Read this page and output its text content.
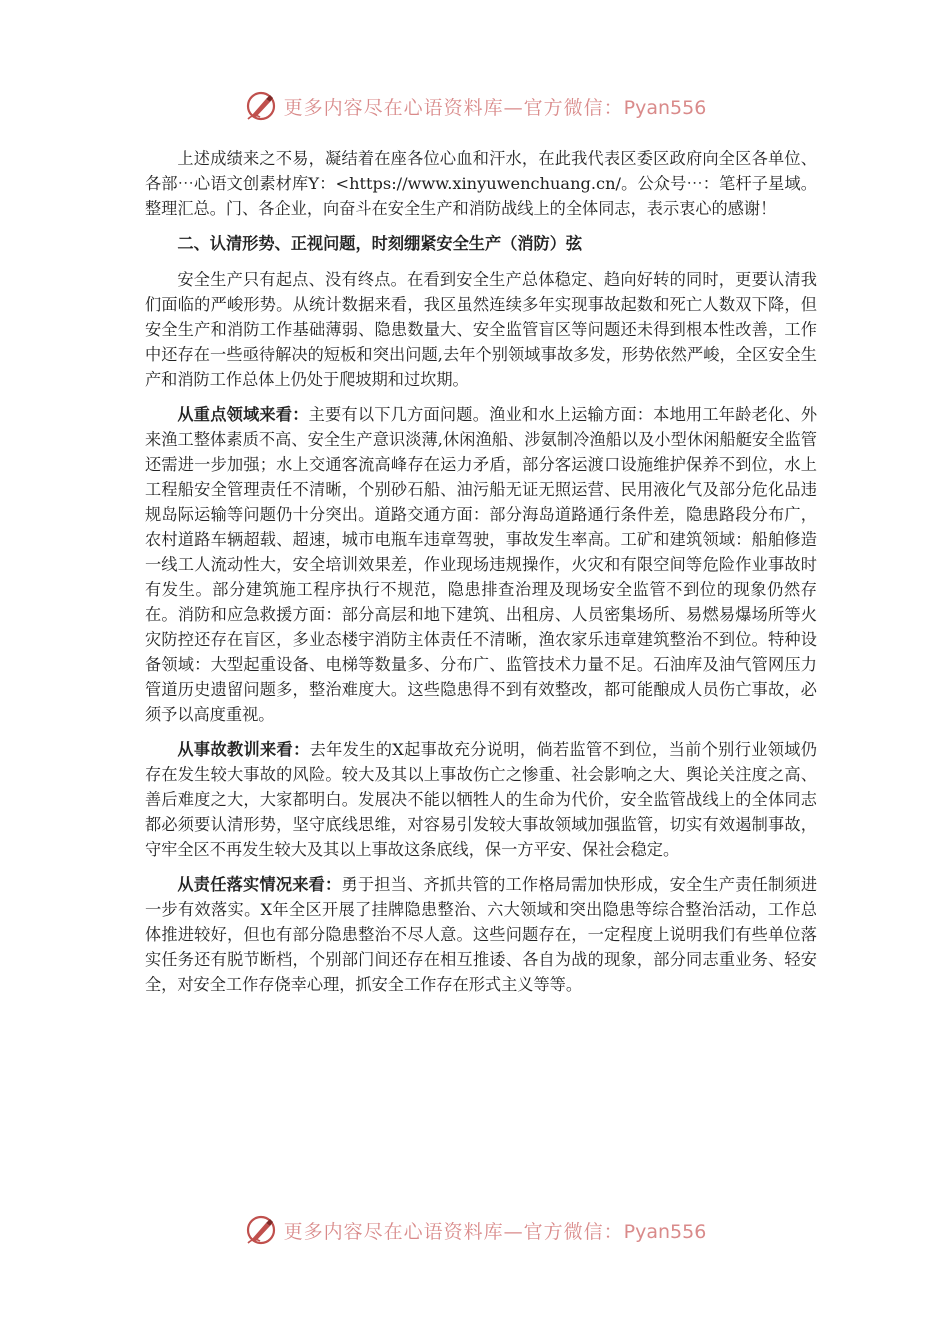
更多内容尽在心语资料库—官方微信：Pyan556

上述成绩来之不易，凝结着在座各位心血和汗水，在此我代表区委区政府向全区各单位、各部⋯心语文创素材库Y：<https://www.xinyuwenchuang.cn/。公众号⋯：笔杆子星域。整理汇总。门、各企业，向奋斗在安全生产和消防战线上的全体同志，表示衷心的感谢！

二、认清形势、正视问题，时刻绷紧安全生产（消防）弦

安全生产只有起点、没有终点。在看到安全生产总体稳定、趋向好转的同时，更要认清我们面临的严峻形势。从统计数据来看，我区虽然连续多年实现事故起数和死亡人数双下降，但安全生产和消防工作基础薄弱、隐患数量大、安全监管盲区等问题还未得到根本性改善，工作中还存在一些亟待解决的短板和突出问题,去年个别领域事故多发，形势依然严峻，全区安全生产和消防工作总体上仍处于爬坡期和过坎期。

从重点领域来看：主要有以下几方面问题。渔业和水上运输方面：本地用工年龄老化、外来渔工整体素质不高、安全生产意识淡薄,休闲渔船、涉氨制冷渔船以及小型休闲船艇安全监管还需进一步加强；水上交通客流高峰存在运力矛盾，部分客运渡口设施维护保养不到位，水上工程船安全管理责任不清晰，个别砂石船、油污船无证无照运营、民用液化气及部分危化品违规岛际运输等问题仍十分突出。道路交通方面：部分海岛道路通行条件差，隐患路段分布广，农村道路车辆超载、超速，城市电瓶车违章驾驶，事故发生率高。工矿和建筑领域：船舶修造一线工人流动性大，安全培训效果差，作业现场违规操作，火灾和有限空间等危险作业事故时有发生。部分建筑施工程序执行不规范，隐患排查治理及现场安全监管不到位的现象仍然存在。消防和应急救援方面：部分高层和地下建筑、出租房、人员密集场所、易燃易爆场所等火灾防控还存在盲区，多业态楼宇消防主体责任不清晰，渔农家乐违章建筑整治不到位。特种设备领域：大型起重设备、电梯等数量多、分布广、监管技术力量不足。石油库及油气管网压力管道历史遗留问题多，整治难度大。这些隐患得不到有效整改，都可能酿成人员伤亡事故，必须予以高度重视。

从事故教训来看：去年发生的X起事故充分说明，倘若监管不到位，当前个别行业领域仍存在发生较大事故的风险。较大及其以上事故伤亡之惨重、社会影响之大、舆论关注度之高、善后难度之大，大家都明白。发展决不能以牺牲人的生命为代价，安全监管战线上的全体同志都必须要认清形势，坚守底线思维，对容易引发较大事故领域加强监管，切实有效遏制事故，守牢全区不再发生较大及其以上事故这条底线，保一方平安、保社会稳定。

从责任落实情况来看：勇于担当、齐抓共管的工作格局需加快形成，安全生产责任制须进一步有效落实。X年全区开展了挂牌隐患整治、六大领域和突出隐患等综合整治活动，工作总体推进较好，但也有部分隐患整治不尽人意。这些问题存在，一定程度上说明我们有些单位落实任务还有脱节断档，个别部门间还存在相互推诿、各自为战的现象，部分同志重业务、轻安全，对安全工作存侥幸心理，抓安全工作存在形式主义等等。

更多内容尽在心语资料库—官方微信：Pyan556
